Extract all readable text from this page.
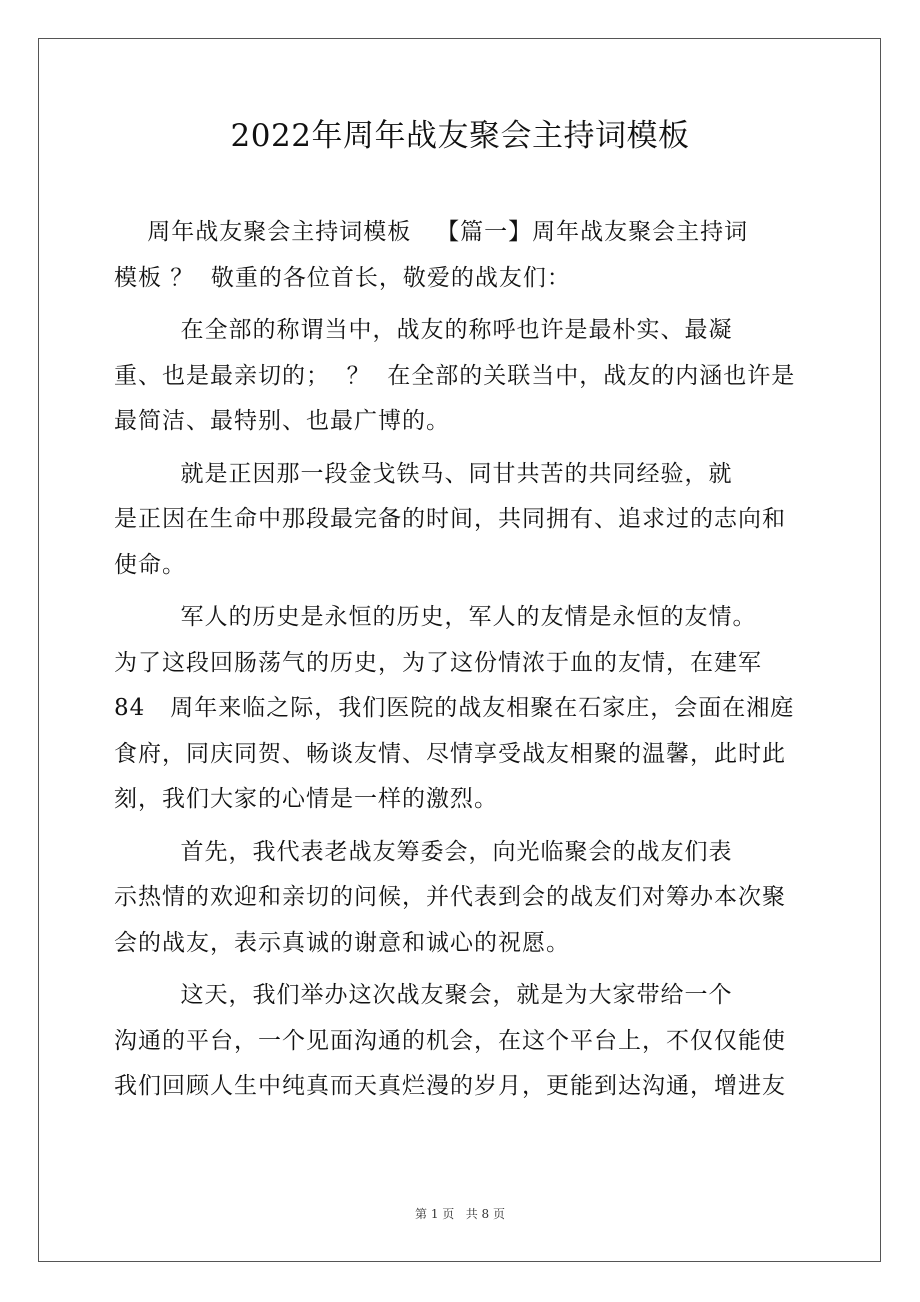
2022年周年战友聚会主持词模板
周年战友聚会主持词模板   【篇一】周年战友聚会主持词
模板 ？  敬重的各位首长，敬爱的战友们：
在全部的称谓当中，战友的称呼也许是最朴实、最凝
重、也是最亲切的；  ？  在全部的关联当中，战友的内涵也许是
最简洁、最特别、也最广博的。
就是正因那一段金戈铁马、同甘共苦的共同经验，就
是正因在生命中那段最完备的时间，共同拥有、追求过的志向和
使命。
军人的历史是永恒的历史，军人的友情是永恒的友情。
为了这段回肠荡气的历史，为了这份情浓于血的友情，在建军
84   周年来临之际，我们医院的战友相聚在石家庄，会面在湘庭
食府，同庆同贺、畅谈友情、尽情享受战友相聚的温馨，此时此
刻，我们大家的心情是一样的激烈。
首先，我代表老战友筹委会，向光临聚会的战友们表
示热情的欢迎和亲切的问候，并代表到会的战友们对筹办本次聚
会的战友，表示真诚的谢意和诚心的祝愿。
这天，我们举办这次战友聚会，就是为大家带给一个
沟通的平台，一个见面沟通的机会，在这个平台上，不仅仅能使
我们回顾人生中纯真而天真烂漫的岁月，更能到达沟通，增进友
第 1 页   共 8 页
